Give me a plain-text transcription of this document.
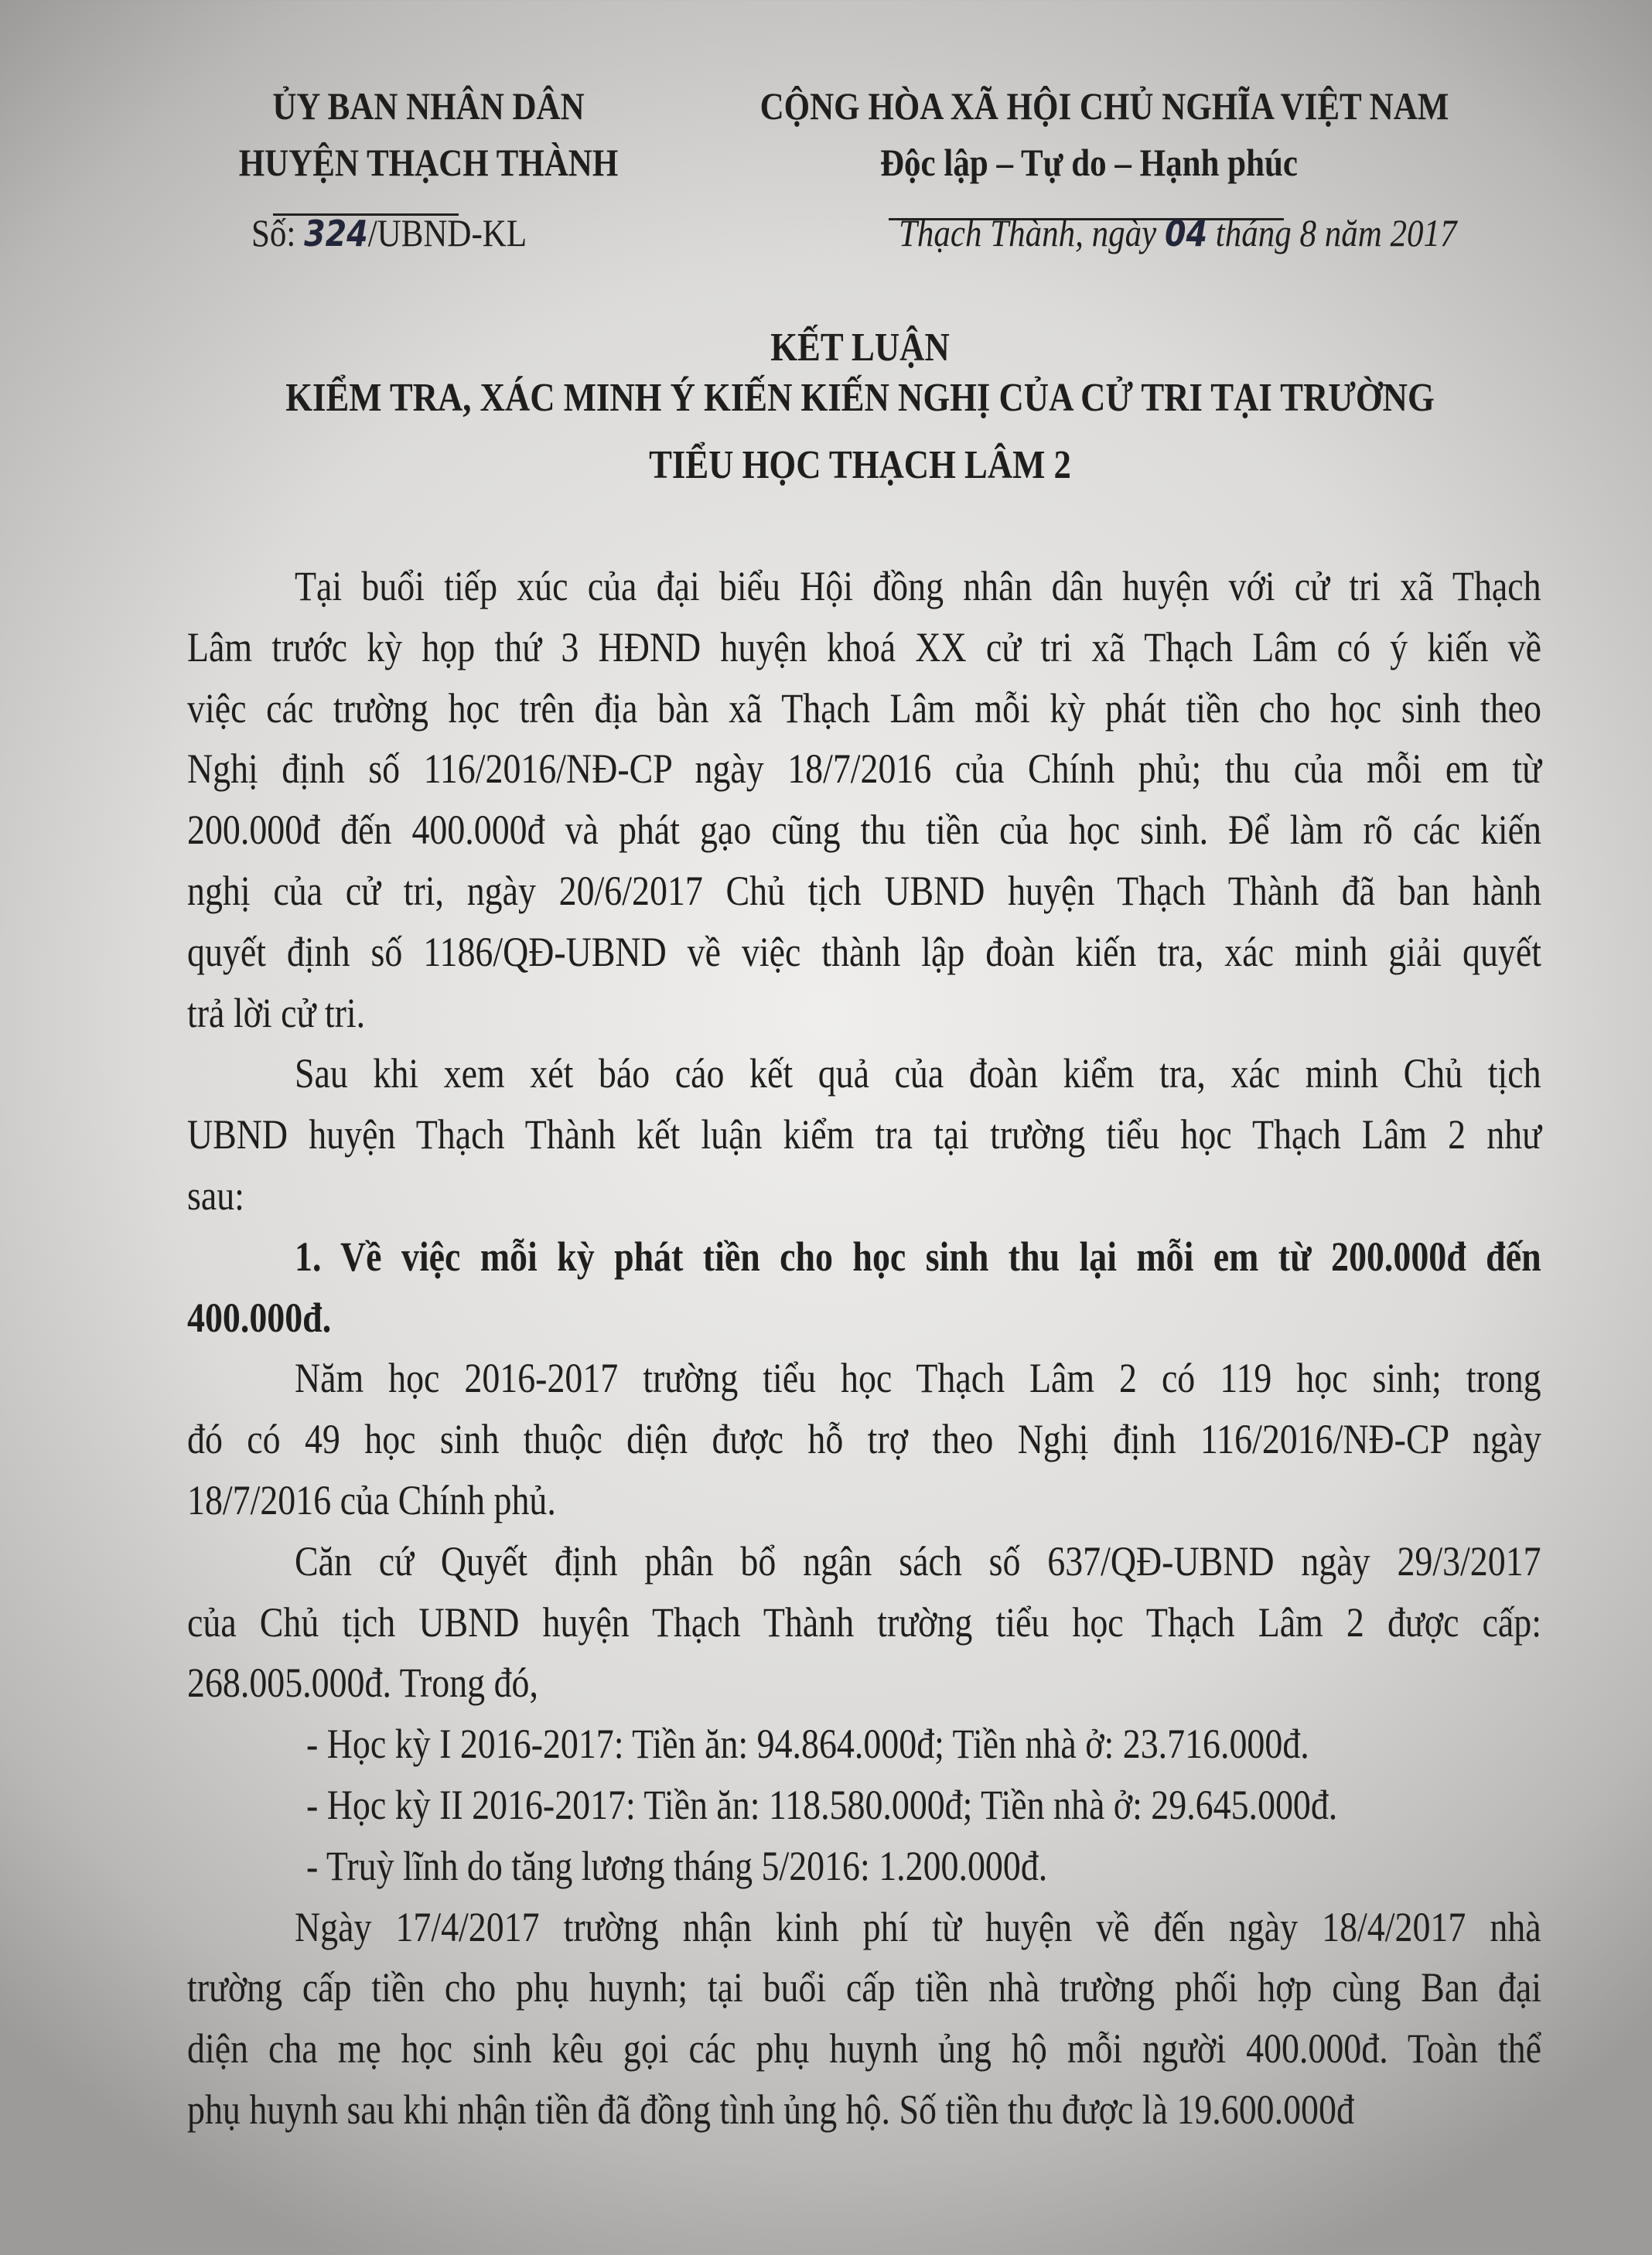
ỦY BAN NHÂN DÂN
HUYỆN THẠCH THÀNH
Số: 324/UBND-KL
CỘNG HÒA XÃ HỘI CHỦ NGHĨA VIỆT NAM
Độc lập – Tự do – Hạnh phúc
Thạch Thành, ngày 04 tháng 8 năm 2017
KẾT LUẬN
KIỂM TRA, XÁC MINH Ý KIẾN KIẾN NGHỊ CỦA CỬ TRI TẠI TRƯỜNG
TIỂU HỌC THẠCH LÂM 2
Tại buổi tiếp xúc của đại biểu Hội đồng nhân dân huyện với cử tri xã Thạch
Lâm trước kỳ họp thứ 3 HĐND huyện khoá XX cử tri xã Thạch Lâm có ý kiến về
việc các trường học trên địa bàn xã Thạch Lâm mỗi kỳ phát tiền cho học sinh theo
Nghị định số 116/2016/NĐ-CP ngày 18/7/2016 của Chính phủ; thu của mỗi em từ
200.000đ đến 400.000đ và phát gạo cũng thu tiền của học sinh. Để làm rõ các kiến
nghị của cử tri, ngày 20/6/2017 Chủ tịch UBND huyện Thạch Thành đã ban hành
quyết định số 1186/QĐ-UBND về việc thành lập đoàn kiến tra, xác minh giải quyết
trả lời cử tri.
Sau khi xem xét báo cáo kết quả của đoàn kiểm tra, xác minh Chủ tịch
UBND huyện Thạch Thành kết luận kiểm tra tại trường tiểu học Thạch Lâm 2 như
sau:
1. Về việc mỗi kỳ phát tiền cho học sinh thu lại mỗi em từ 200.000đ đến
400.000đ.
Năm học 2016-2017 trường tiểu học Thạch Lâm 2 có 119 học sinh; trong
đó có 49 học sinh thuộc diện được hỗ trợ theo Nghị định 116/2016/NĐ-CP ngày
18/7/2016 của Chính phủ.
Căn cứ Quyết định phân bổ ngân sách số 637/QĐ-UBND ngày 29/3/2017
của Chủ tịch UBND huyện Thạch Thành trường tiểu học Thạch Lâm 2 được cấp:
268.005.000đ. Trong đó,
- Học kỳ I 2016-2017: Tiền ăn: 94.864.000đ; Tiền nhà ở: 23.716.000đ.
- Học kỳ II 2016-2017: Tiền ăn: 118.580.000đ; Tiền nhà ở: 29.645.000đ.
- Truỳ lĩnh do tăng lương tháng 5/2016: 1.200.000đ.
Ngày 17/4/2017 trường nhận kinh phí từ huyện về đến ngày 18/4/2017 nhà
trường cấp tiền cho phụ huynh; tại buổi cấp tiền nhà trường phối hợp cùng Ban đại
diện cha mẹ học sinh kêu gọi các phụ huynh ủng hộ mỗi người 400.000đ. Toàn thể
phụ huynh sau khi nhận tiền đã đồng tình ủng hộ. Số tiền thu được là 19.600.000đ
